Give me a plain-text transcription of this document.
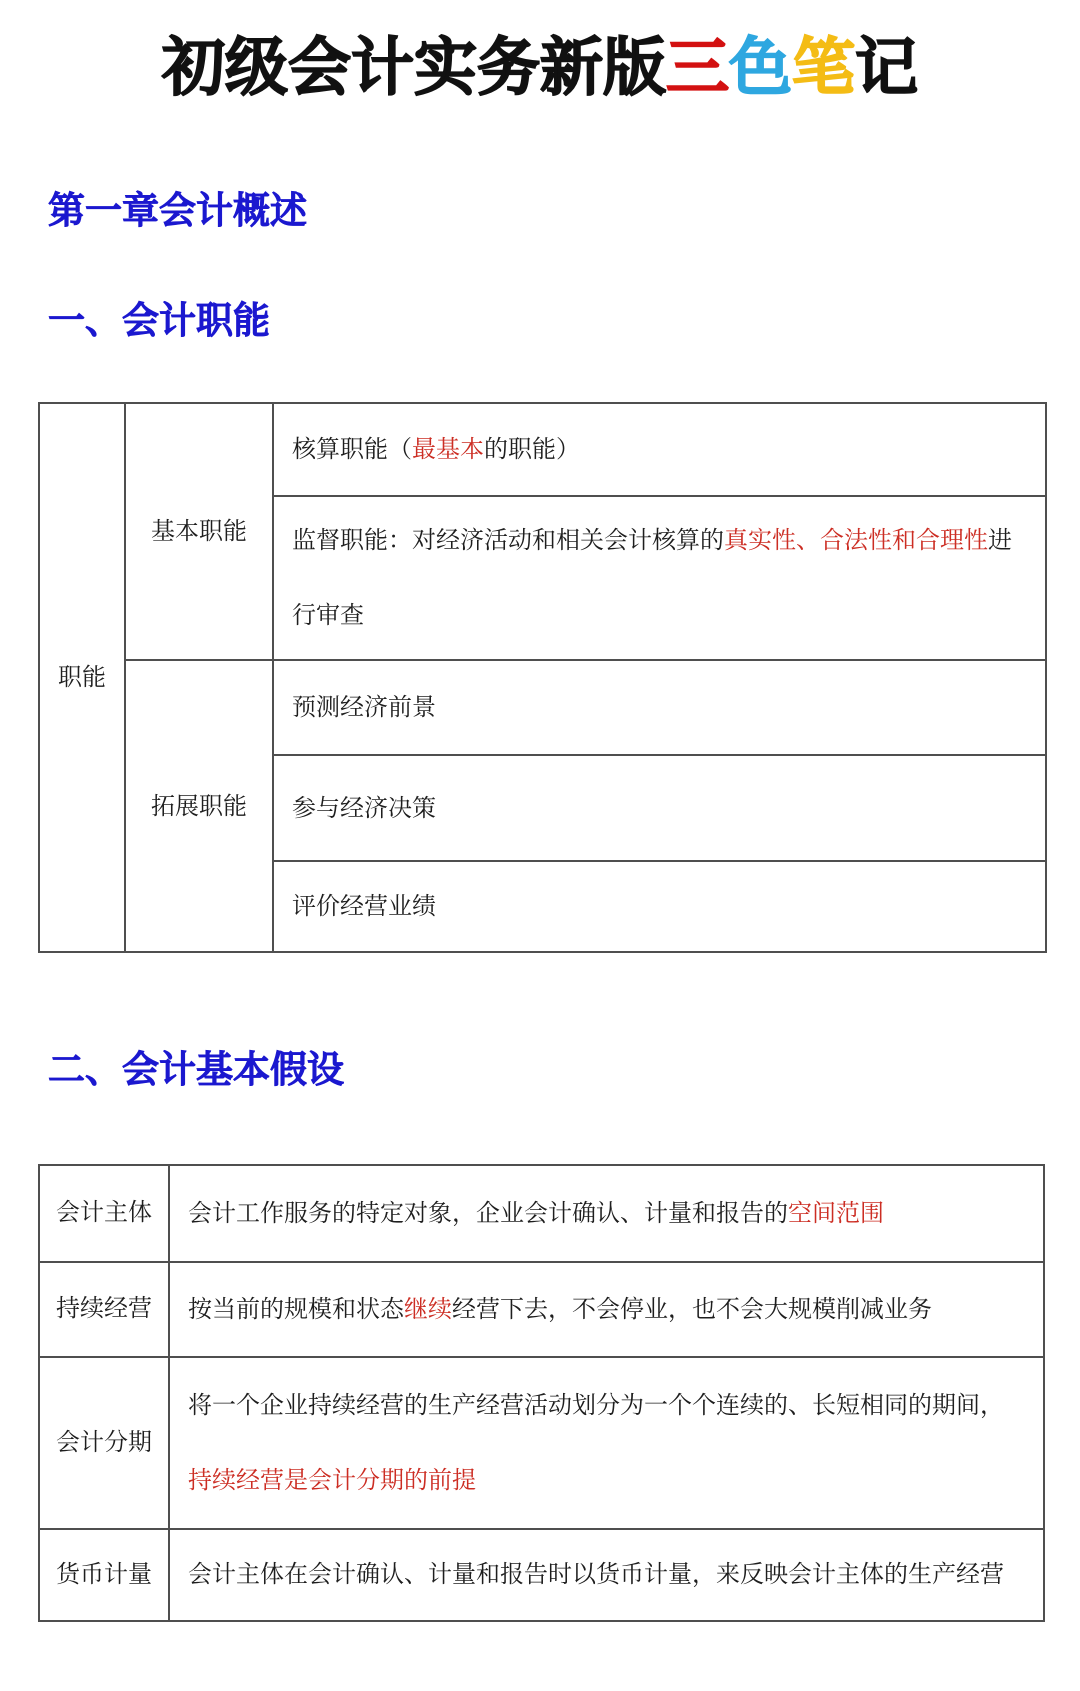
初级会计实务新版三色笔记
第一章会计概述
一、会计职能
职能	基本职能	核算职能（最基本的职能）
		监督职能：对经济活动和相关会计核算的真实性、合法性和合理性进
行审查
	拓展职能	预测经济前景
		参与经济决策
		评价经营业绩
二、会计基本假设
会计主体	会计工作服务的特定对象，企业会计确认、计量和报告的空间范围
持续经营	按当前的规模和状态继续经营下去，不会停业，也不会大规模削减业务
会计分期	将一个企业持续经营的生产经营活动划分为一个个连续的、长短相同的期间，
持续经营是会计分期的前提
货币计量	会计主体在会计确认、计量和报告时以货币计量，来反映会计主体的生产经营
